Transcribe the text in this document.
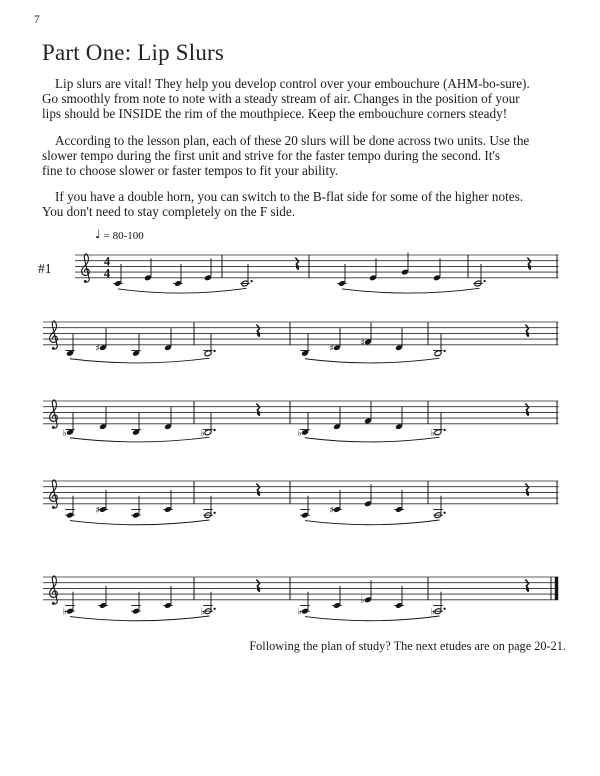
7
Part One: Lip Slurs
Lip slurs are vital! They help you develop control over your embouchure (AHM-bo-sure).
Go smoothly from note to note with a steady stream of air. Changes in the position of your
lips should be INSIDE the rim of the mouthpiece. Keep the embouchure corners steady!
According to the lesson plan, each of these 20 slurs will be done across two units. Use the
slower tempo during the first unit and strive for the faster tempo during the second. It's
fine to choose slower or faster tempos to fit your ability.
If you have a double horn, you can switch to the B-flat side for some of the higher notes.
You don't need to stay completely on the F side.
♩ = 80-100
#1	4
4
♯	♯
♯
♭	♭	♭	♭
♯	♯
♭	♭	♭
♭
♭
Following the plan of study? The next etudes are on page 20-21.
